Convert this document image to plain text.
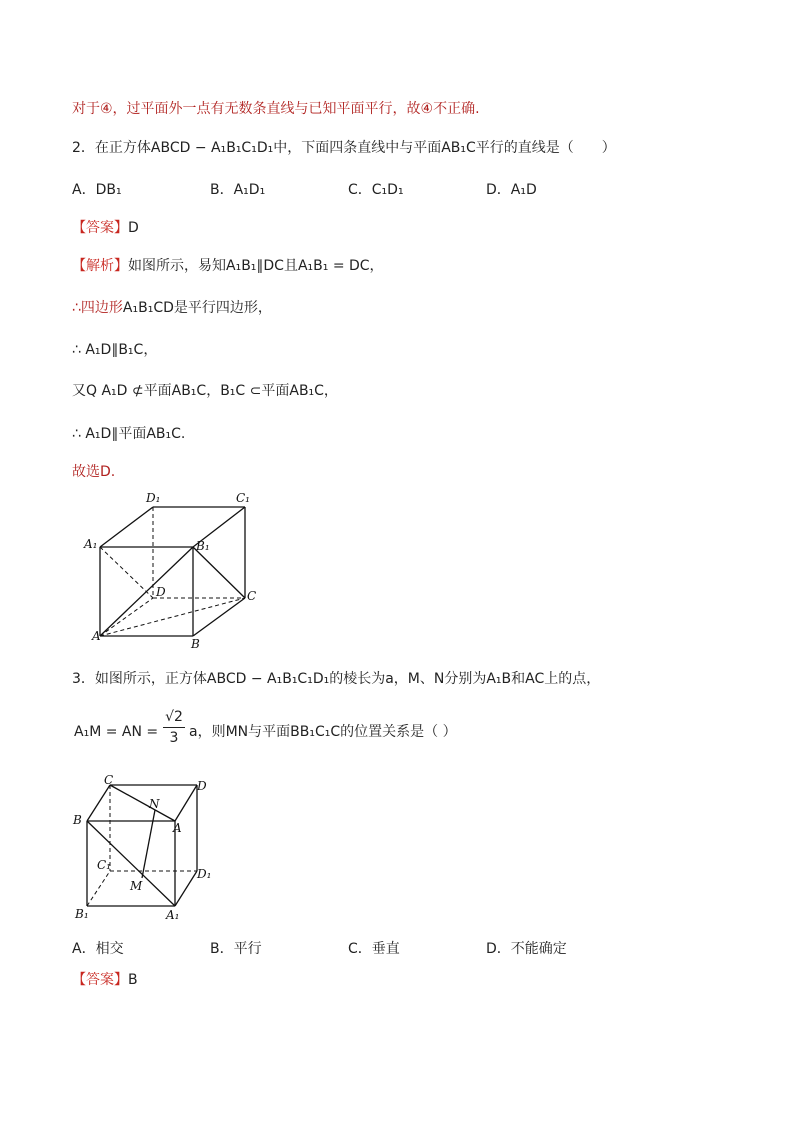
对于④，过平面外一点有无数条直线与已知平面平行，故④不正确.
2．在正方体ABCD − A₁B₁C₁D₁中，下面四条直线中与平面AB₁C平行的直线是（　　）
A．DB₁	B．A₁D₁	C．C₁D₁	D．A₁D
【答案】D
【解析】如图所示，易知A₁B₁∥DC且A₁B₁ = DC，
∴四边形A₁B₁CD是平行四边形，
∴ A₁D∥B₁C，
又Q A₁D ⊄平面AB₁C，B₁C ⊂平面AB₁C，
∴ A₁D∥平面AB₁C.
故选D.
D₁	C₁
A₁	B₁
D	C
A
B
3．如图所示，正方体ABCD − A₁B₁C₁D₁的棱长为a，M、N分别为A₁B和AC上的点，
A₁M = AN =
√2
3 a，则MN与平面BB₁C₁C的位置关系是（ ）
C	D
N
B
A
C₁
M
D₁
B₁	A₁
A．相交	B．平行	C．垂直	D．不能确定
【答案】B
